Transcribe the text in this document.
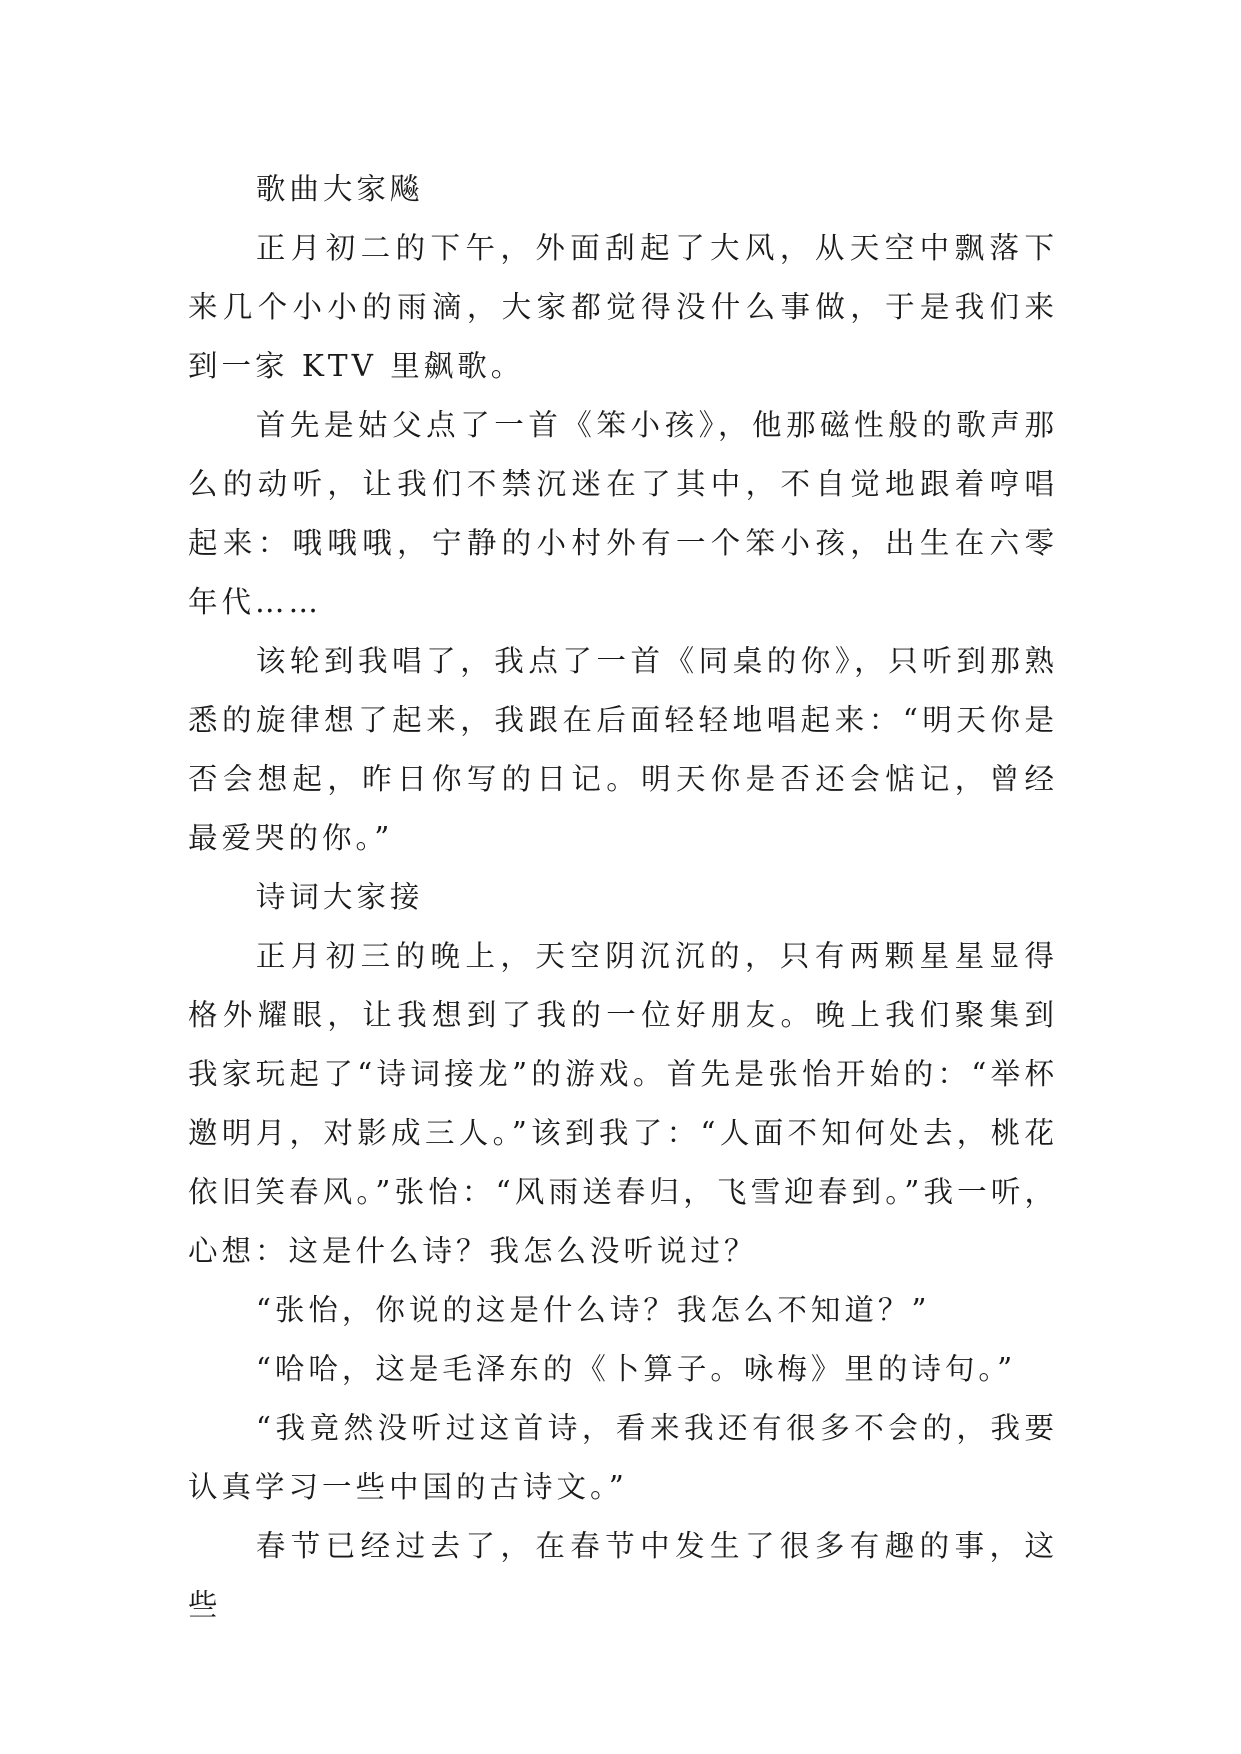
歌曲大家飚

正月初二的下午，外面刮起了大风，从天空中飘落下来几个小小的雨滴，大家都觉得没什么事做，于是我们来到一家 KTV 里飙歌。

首先是姑父点了一首《笨小孩》，他那磁性般的歌声那么的动听，让我们不禁沉迷在了其中，不自觉地跟着哼唱起来：哦哦哦，宁静的小村外有一个笨小孩，出生在六零年代……

该轮到我唱了，我点了一首《同桌的你》，只听到那熟悉的旋律想了起来，我跟在后面轻轻地唱起来：“明天你是否会想起，昨日你写的日记。明天你是否还会惦记，曾经最爱哭的你。”

诗词大家接

正月初三的晚上，天空阴沉沉的，只有两颗星星显得格外耀眼，让我想到了我的一位好朋友。晚上我们聚集到我家玩起了“诗词接龙”的游戏。首先是张怡开始的：“举杯邀明月，对影成三人。”该到我了：“人面不知何处去，桃花依旧笑春风。”张怡：“风雨送春归，飞雪迎春到。”我一听，心想：这是什么诗？我怎么没听说过？

“张怡，你说的这是什么诗？我怎么不知道？”

“哈哈，这是毛泽东的《卜算子。咏梅》里的诗句。”

“我竟然没听过这首诗，看来我还有很多不会的，我要认真学习一些中国的古诗文。”

春节已经过去了，在春节中发生了很多有趣的事，这些
